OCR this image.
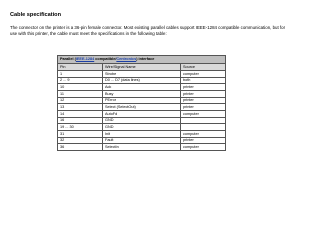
Cable specification
The connector on the printer is a 36-pin female connector. Most existing parallel cables support IEEE-1284 compatible communication, but for use with this printer, the cable must meet the specifications in the following table:
Parallel (IEEE-1284 compatible/Centronics) interface		
Pin	Wire/Signal Name	Source
1	Strobe	computer
2 ... 9	D0 ... D7 (data lines)	both
10	Ack	printer
11	Busy	printer
12	PError	printer
13	Select (SelectOut)	printer
14	AutoFd	computer
16	GND	
19 ... 30	GND	
31	Init	computer
32	Fault	printer
36	SelectIn	computer
